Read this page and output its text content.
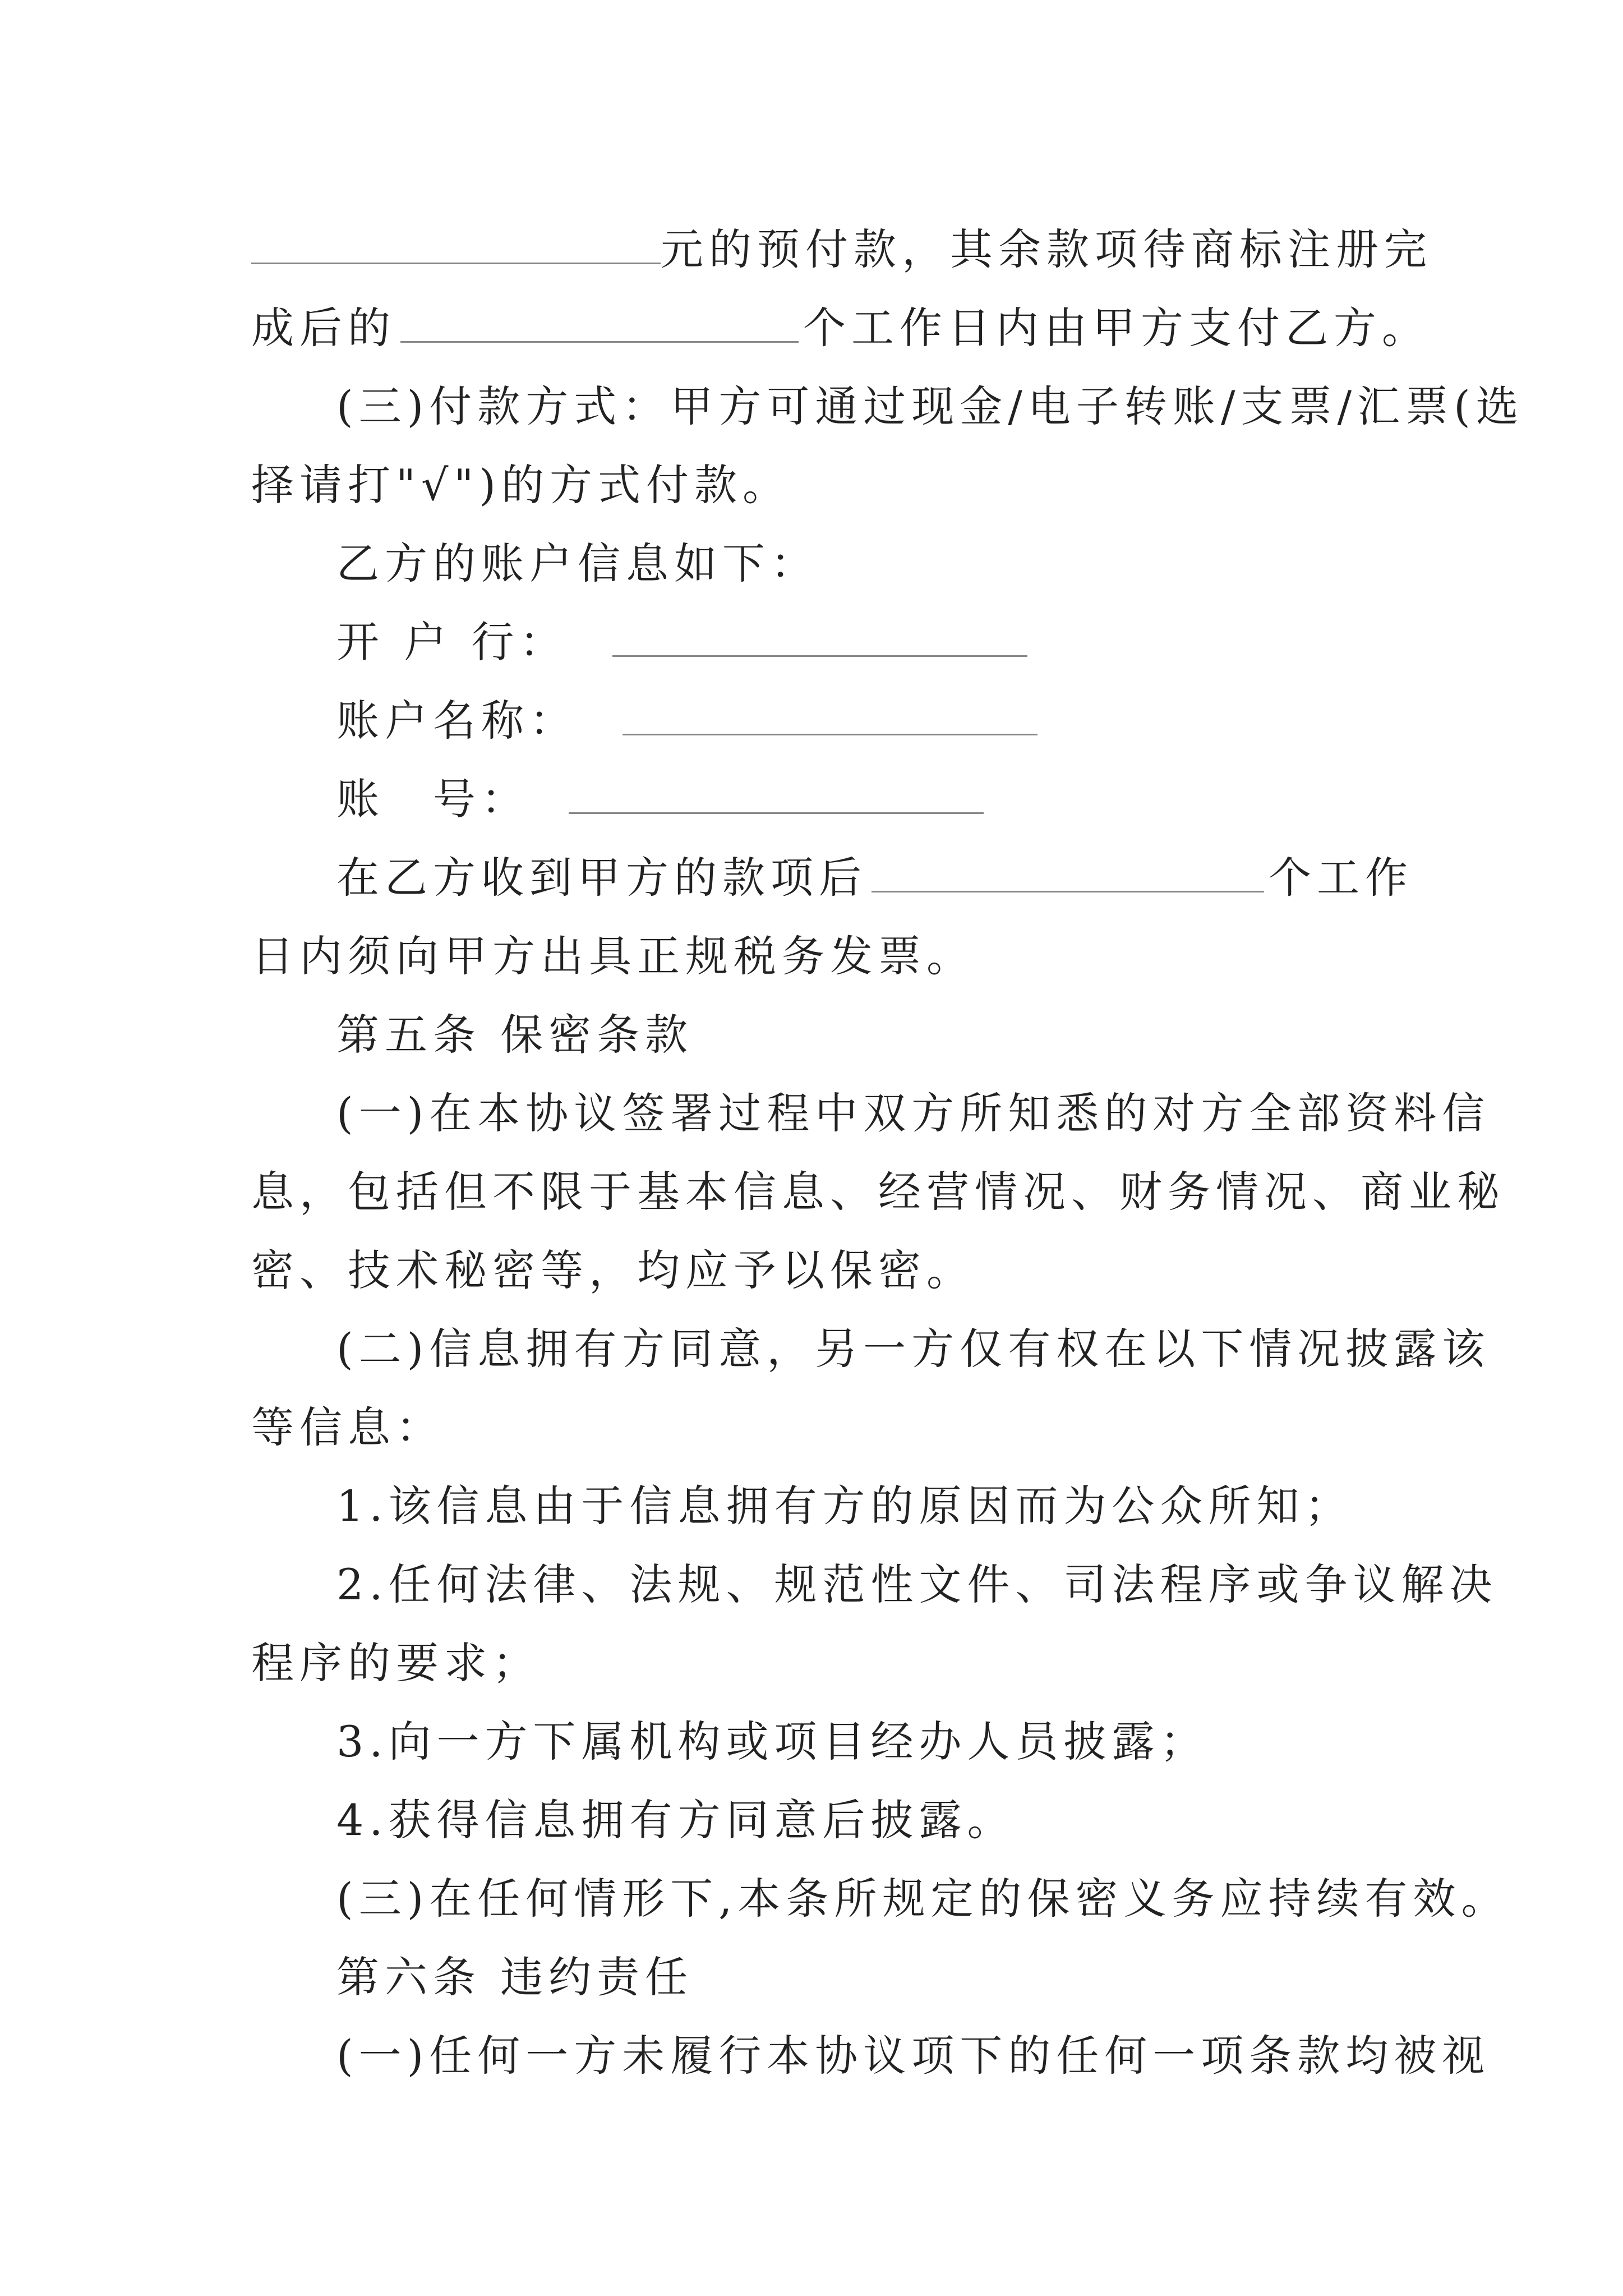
元的预付款，其余款项待商标注册完
成后的	个工作日内由甲方支付乙方。
(三)付款方式：甲方可通过现金/电子转账/支票/汇票(选
择请打"√")的方式付款。
乙方的账户信息如下：
开 户 行：
账户名称：
账　号：
在乙方收到甲方的款项后	个工作
日内须向甲方出具正规税务发票。
第五条 保密条款
(一)在本协议签署过程中双方所知悉的对方全部资料信
息，包括但不限于基本信息、经营情况、财务情况、商业秘
密、技术秘密等，均应予以保密。
(二)信息拥有方同意，另一方仅有权在以下情况披露该
等信息：
1.该信息由于信息拥有方的原因而为公众所知；
2.任何法律、法规、规范性文件、司法程序或争议解决
程序的要求；
3.向一方下属机构或项目经办人员披露；
4.获得信息拥有方同意后披露。
(三)在任何情形下,本条所规定的保密义务应持续有效。
第六条 违约责任
(一)任何一方未履行本协议项下的任何一项条款均被视
